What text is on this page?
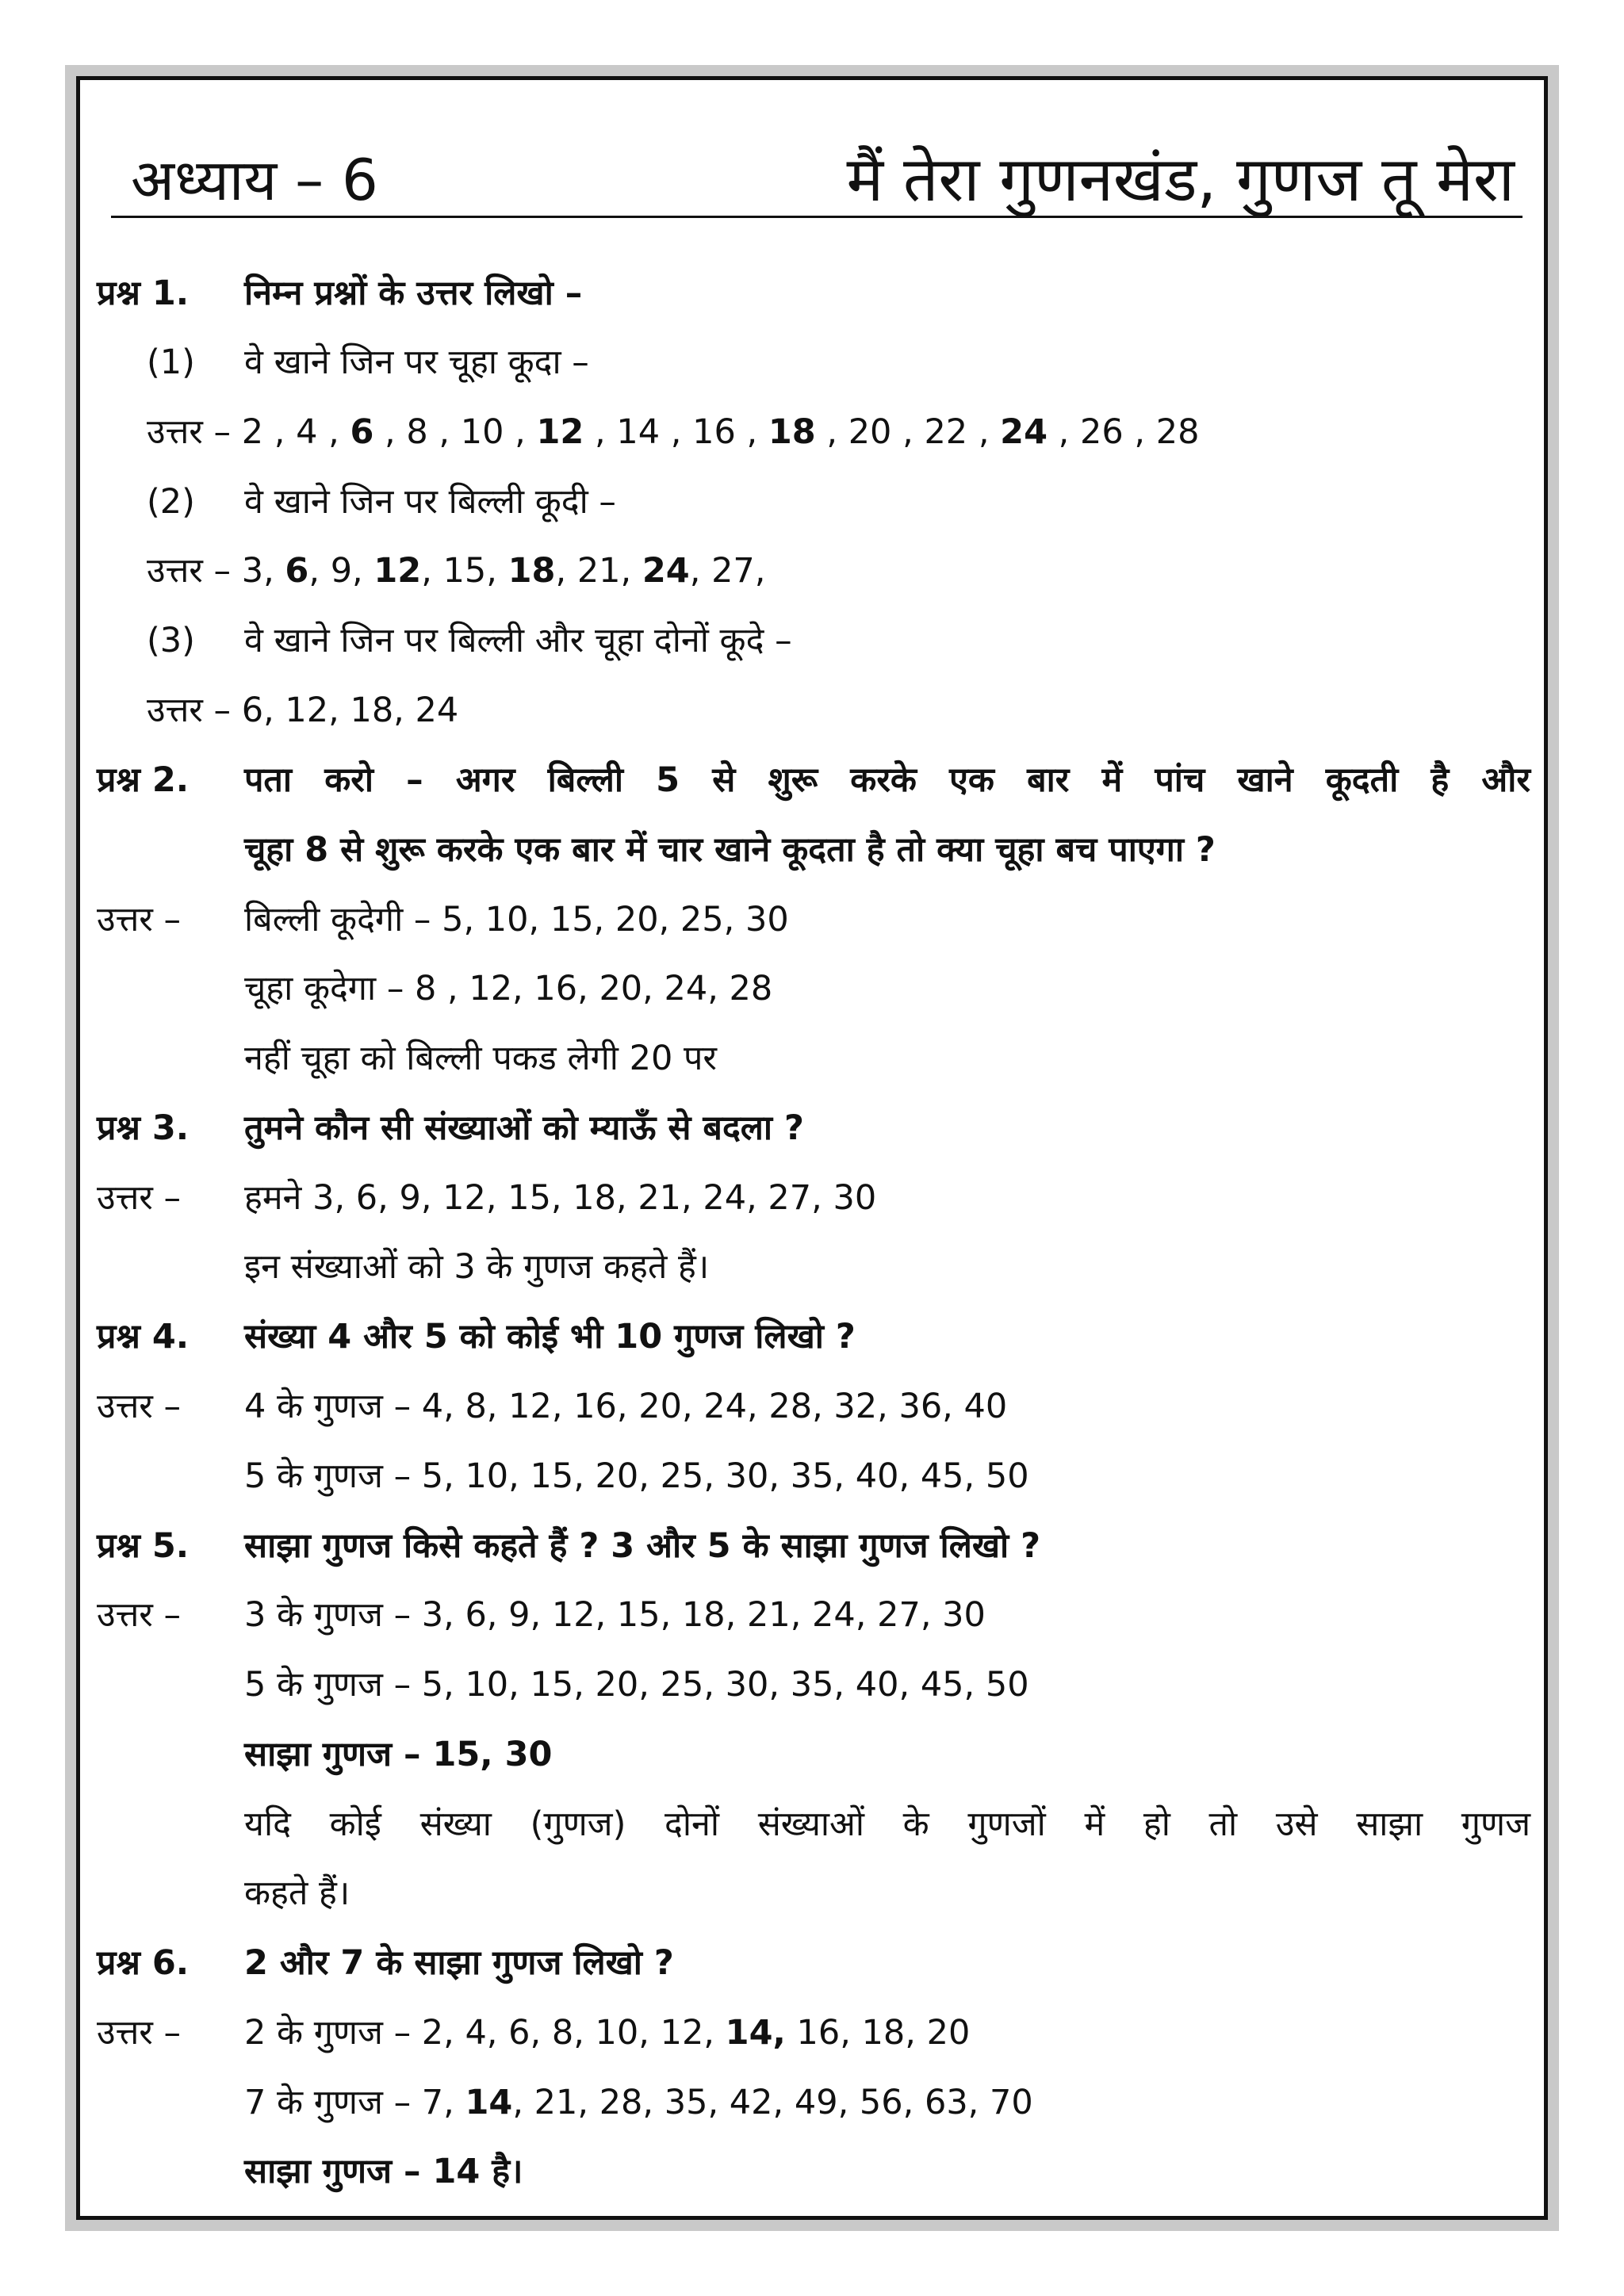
अध्याय – 6	मैं तेरा गुणनखंड, गुणज तू मेरा
प्रश्न 1. निम्न प्रश्नों के उत्तर लिखो –
(1) वे खाने जिन पर चूहा कूदा –
उत्तर – 2 , 4 , 6 , 8 , 10 , 12 , 14 , 16 , 18 , 20 , 22 , 24 , 26 , 28
(2) वे खाने जिन पर बिल्ली कूदी –
उत्तर – 3, 6, 9, 12, 15, 18, 21, 24, 27,
(3) वे खाने जिन पर बिल्ली और चूहा दोनों कूदे –
उत्तर – 6, 12, 18, 24
प्रश्न 2. पता करो – अगर बिल्ली 5 से शुरू करके एक बार में पांच खाने कूदती है और
चूहा 8 से शुरू करके एक बार में चार खाने कूदता है तो क्या चूहा बच पाएगा ?
उत्तर – बिल्ली कूदेगी – 5, 10, 15, 20, 25, 30
चूहा कूदेगा – 8 , 12, 16, 20, 24, 28
नहीं चूहा को बिल्ली पकड लेगी 20 पर
प्रश्न 3. तुमने कौन सी संख्याओं को म्याऊँ से बदला ?
उत्तर – हमने 3, 6, 9, 12, 15, 18, 21, 24, 27, 30
इन संख्याओं को 3 के गुणज कहते हैं।
प्रश्न 4. संख्या 4 और 5 को कोई भी 10 गुणज लिखो ?
उत्तर – 4 के गुणज – 4, 8, 12, 16, 20, 24, 28, 32, 36, 40
5 के गुणज – 5, 10, 15, 20, 25, 30, 35, 40, 45, 50
प्रश्न 5. साझा गुणज किसे कहते हैं ? 3 और 5 के साझा गुणज लिखो ?
उत्तर – 3 के गुणज – 3, 6, 9, 12, 15, 18, 21, 24, 27, 30
5 के गुणज – 5, 10, 15, 20, 25, 30, 35, 40, 45, 50
साझा गुणज – 15, 30
यदि कोई संख्या (गुणज) दोनों संख्याओं के गुणजों में हो तो उसे साझा गुणज
कहते हैं।
प्रश्न 6. 2 और 7 के साझा गुणज लिखो ?
उत्तर – 2 के गुणज – 2, 4, 6, 8, 10, 12, 14, 16, 18, 20
7 के गुणज – 7, 14, 21, 28, 35, 42, 49, 56, 63, 70
साझा गुणज – 14 है।
